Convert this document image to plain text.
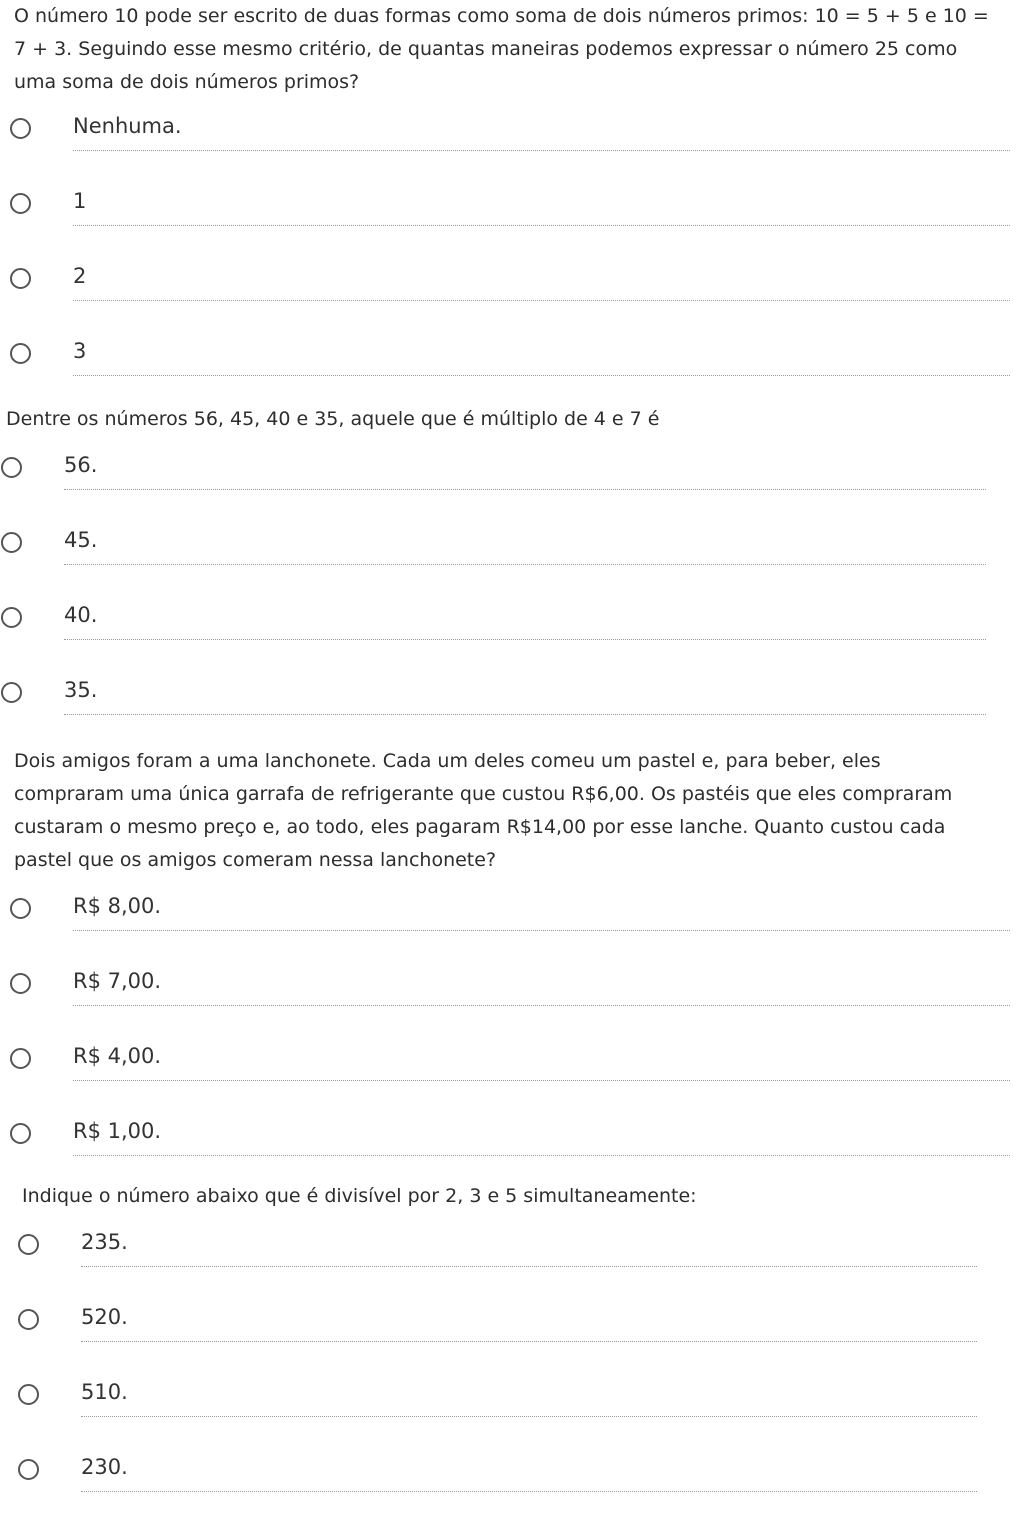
O número 10 pode ser escrito de duas formas como soma de dois números primos: 10 = 5 + 5 e 10 = 7 + 3. Seguindo esse mesmo critério, de quantas maneiras podemos expressar o número 25 como uma soma de dois números primos?

Nenhuma.
1
2
3

Dentre os números 56, 45, 40 e 35, aquele que é múltiplo de 4 e 7 é

56.
45.
40.
35.

Dois amigos foram a uma lanchonete. Cada um deles comeu um pastel e, para beber, eles compraram uma única garrafa de refrigerante que custou R$6,00. Os pastéis que eles compraram custaram o mesmo preço e, ao todo, eles pagaram R$14,00 por esse lanche. Quanto custou cada pastel que os amigos comeram nessa lanchonete?

R$ 8,00.
R$ 7,00.
R$ 4,00.
R$ 1,00.

Indique o número abaixo que é divisível por 2, 3 e 5 simultaneamente:

235.
520.
510.
230.
